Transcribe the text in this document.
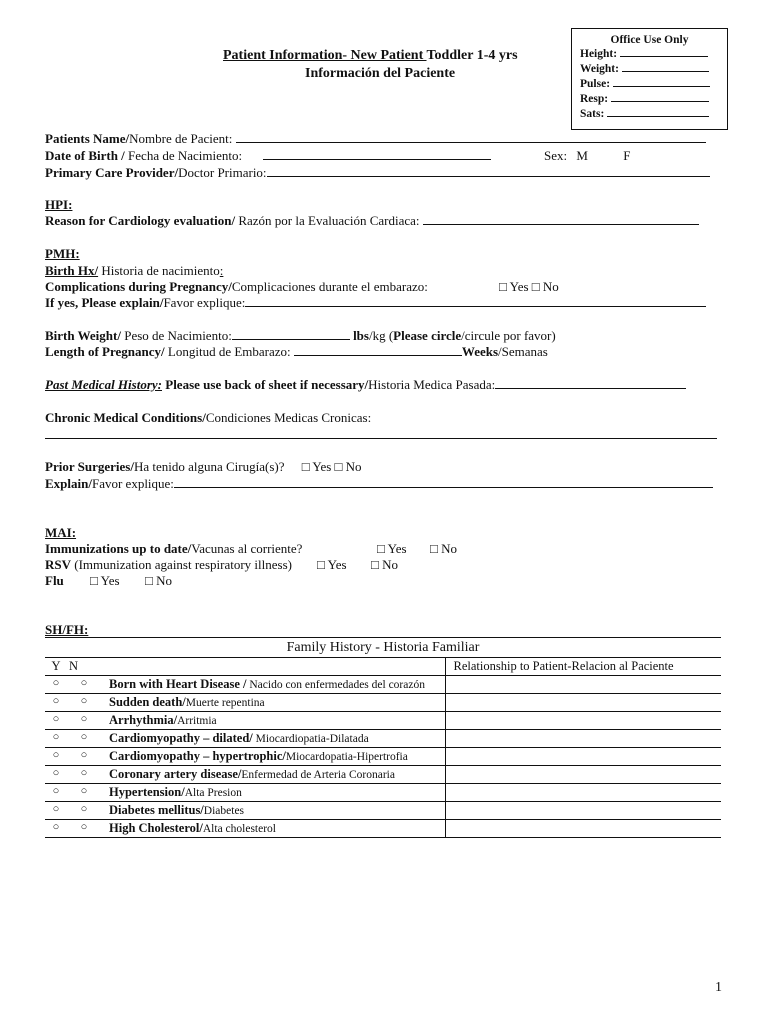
Office Use Only
Height:
Weight:
Pulse:
Resp:
Sats:
Patient Information- New Patient Toddler 1-4 yrs
Información del Paciente
Patients Name/Nombre de Pacient:
Date of Birth / Fecha de Nacimiento:	Sex: M	F
Primary Care Provider/Doctor Primario:
HPI:
Reason for Cardiology evaluation/ Razón por la Evaluación Cardiaca:
PMH:
Birth Hx/ Historia de nacimiento:
Complications during Pregnancy/Complicaciones durante el embarazo:	□ Yes □ No
If yes, Please explain/Favor explique:
Birth Weight/ Peso de Nacimiento:	lbs/kg (Please circle/circule por favor)
Length of Pregnancy/ Longitud de Embarazo:	Weeks/Semanas
Past Medical History: Please use back of sheet if necessary/Historia Medica Pasada:
Chronic Medical Conditions/Condiciones Medicas Cronicas:
Prior Surgeries/Ha tenido alguna Cirugía(s)? □ Yes □ No
Explain/Favor explique:
MAI:
Immunizations up to date/Vacunas al corriente?	□ Yes □ No
RSV (Immunization against respiratory illness) □ Yes □ No
Flu □ Yes □ No
SH/FH:
Family History - Historia Familiar
Y	N		Relationship to Patient-Relacion al Paciente
○	○	Born with Heart Disease / Nacido con enfermedades del corazón	
○	○	Sudden death/Muerte repentina	
○	○	Arrhythmia/Arritmia	
○	○	Cardiomyopathy – dilated/ Miocardiopatia-Dilatada	
○	○	Cardiomyopathy – hypertrophic/Miocardopatia-Hipertrofia	
○	○	Coronary artery disease/Enfermedad de Arteria Coronaria	
○	○	Hypertension/Alta Presion	
○	○	Diabetes mellitus/Diabetes	
○	○	High Cholesterol/Alta cholesterol	
1
